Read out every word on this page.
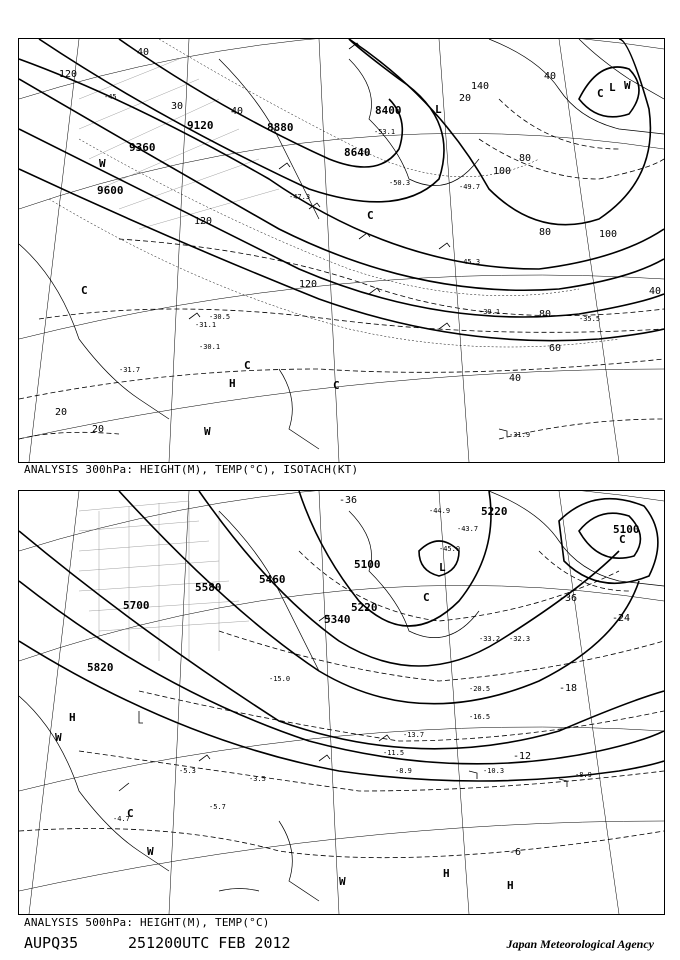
9120	8880
8640
8400
9360
9600
120
40
30	40
120
140
40
20
80
100
80	100
80
60
40
20
20
40
120
-45
-53.1
-49.7
-47.3
-45.3
-50.3
-39.1
-35.5
-31.1
-30.1
-31.7
-31.9
-30.5
C
W
C
H	C
C
W
L
C L W
ANALYSIS 300hPa: HEIGHT(M), TEMP(°C), ISOTACH(KT)
5100
5220
5100
5220
5340
5460
5580
5700
5820
-36
-36
-24
-18
-12
-6
-44.9
-45.0
-43.7
-33.2 -32.3
-20.5
-16.5
-11.5
-10.3
-8.9	-8.9
-5.7
-4.7
-5.3
-3.5
-15.0
-13.7
C
L
C
H
W
C
W
W
H
H
ANALYSIS 500hPa: HEIGHT(M), TEMP(°C)
AUPQ35	251200UTC FEB 2012	Japan Meteorological Agency
